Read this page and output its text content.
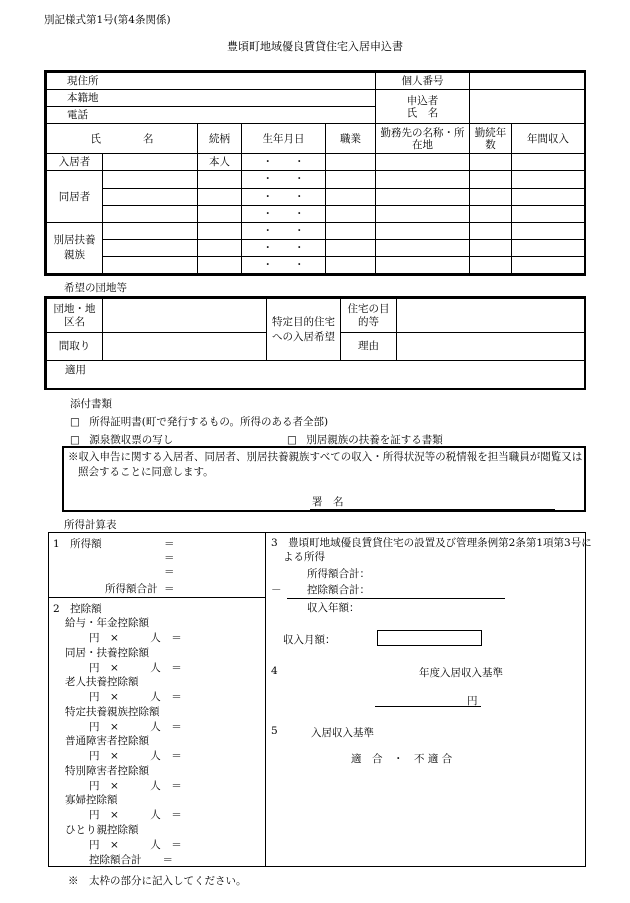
別記様式第1号(第4条関係)
豊頃町地域優良賃貸住宅入居申込書
現住所					個人番号		
本籍地					申込者
氏　名		
電話							
氏　　　　名		続柄	生年月日	職業	勤務先の名称・所在地	勤続年数	年間収入
入居者		本人	・　　・				
同居者			・　　・				
			・　　・				
			・　　・				
別居扶養親族			・　　・				
			・　　・				
			・　　・				
希望の団地等
団地・地区名		特定目的住宅への入居希望	住宅の目的等	
間取り			理由	
適用				
添付書類
□ 所得証明書(町で発行するもの。所得のある者全部)
□ 源泉徴収票の写し	□ 別居親族の扶養を証する書類
※収入申告に関する入居者、同居者、別居扶養親族すべての収入・所得状況等の税情報を担当職員が閲覧又は照会することに同意します。
署　名
所得計算表
1　所得額	＝
＝
＝
所得額合計 ＝
2　控除額
給与・年金控除額
円　×　　　人　＝
同居・扶養控除額
円　×　　　人　＝
老人扶養控除額
円　×　　　人　＝
特定扶養親族控除額
円　×　　　人　＝
普通障害者控除額
円　×　　　人　＝
特別障害者控除額
円　×　　　人　＝
寡婦控除額
円　×　　　人　＝
ひとり親控除額
円　×　　　人　＝
控除額合計　　＝
3　豊頃町地域優良賃貸住宅の設置及び管理条例第2条第1項第3号による所得
所得額合計：
－ 控除額合計：
収入年額：
収入月額：
4	年度入居収入基準
円
5	入居収入基準
適　合　・　不 適 合
※　太枠の部分に記入してください。
